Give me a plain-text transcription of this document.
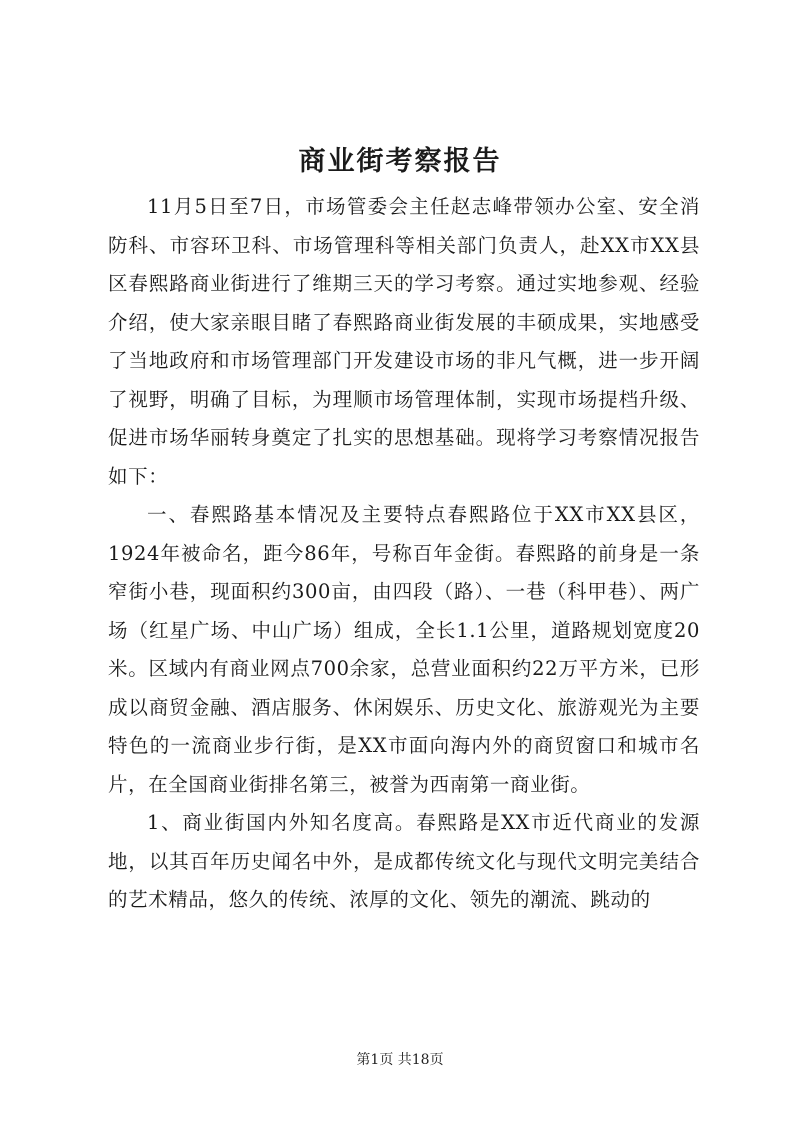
商业街考察报告

11月5日至7日，市场管委会主任赵志峰带领办公室、安全消防科、市容环卫科、市场管理科等相关部门负责人，赴XX市XX县区春熙路商业街进行了维期三天的学习考察。通过实地参观、经验介绍，使大家亲眼目睹了春熙路商业街发展的丰硕成果，实地感受了当地政府和市场管理部门开发建设市场的非凡气概，进一步开阔了视野，明确了目标，为理顺市场管理体制，实现市场提档升级、促进市场华丽转身奠定了扎实的思想基础。现将学习考察情况报告如下：

一、春熙路基本情况及主要特点春熙路位于XX市XX县区，1924年被命名，距今86年，号称百年金街。春熙路的前身是一条窄街小巷，现面积约300亩，由四段（路）、一巷（科甲巷）、两广场（红星广场、中山广场）组成，全长1.1公里，道路规划宽度20米。区域内有商业网点700余家，总营业面积约22万平方米，已形成以商贸金融、酒店服务、休闲娱乐、历史文化、旅游观光为主要特色的一流商业步行街，是XX市面向海内外的商贸窗口和城市名片，在全国商业街排名第三，被誉为西南第一商业街。

1、商业街国内外知名度高。春熙路是XX市近代商业的发源地，以其百年历史闻名中外，是成都传统文化与现代文明完美结合的艺术精品，悠久的传统、浓厚的文化、领先的潮流、跳动的

第1页 共18页
